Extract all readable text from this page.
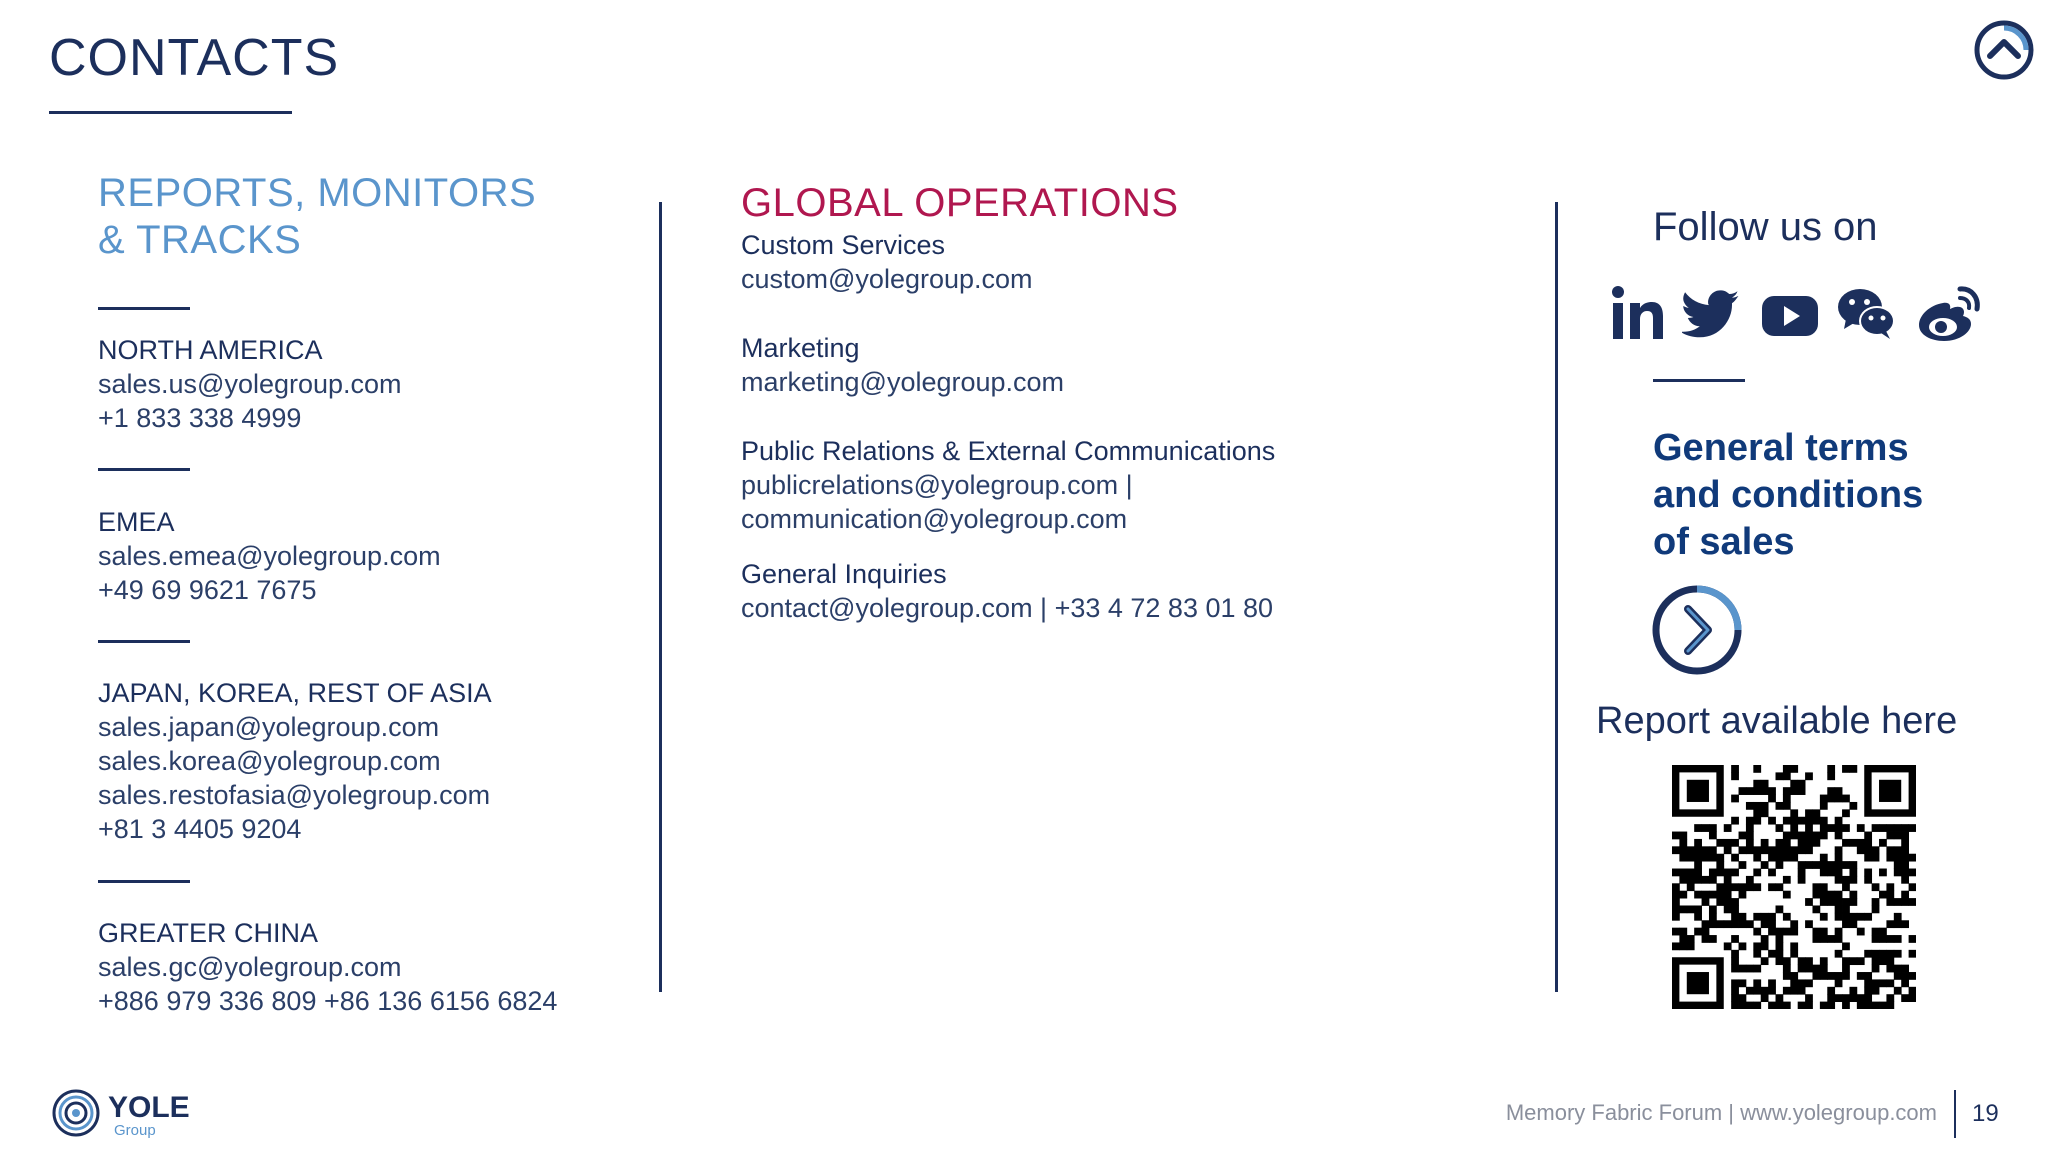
CONTACTS
REPORTS, MONITORS
& TRACKS
NORTH AMERICA
sales.us@yolegroup.com
+1 833 338 4999
EMEA
sales.emea@yolegroup.com
+49 69 9621 7675
JAPAN, KOREA, REST OF ASIA
sales.japan@yolegroup.com
sales.korea@yolegroup.com
sales.restofasia@yolegroup.com
+81 3 4405 9204
GREATER CHINA
sales.gc@yolegroup.com
+886 979 336 809 +86 136 6156 6824
GLOBAL OPERATIONS
Custom Services
custom@yolegroup.com
Marketing
marketing@yolegroup.com
Public Relations & External Communications
publicrelations@yolegroup.com |
communication@yolegroup.com
General Inquiries
contact@yolegroup.com | +33 4 72 83 01 80
Follow us on
General terms
and conditions
of sales
Report available here
YOLE
Group
Memory Fabric Forum | www.yolegroup.com 19
